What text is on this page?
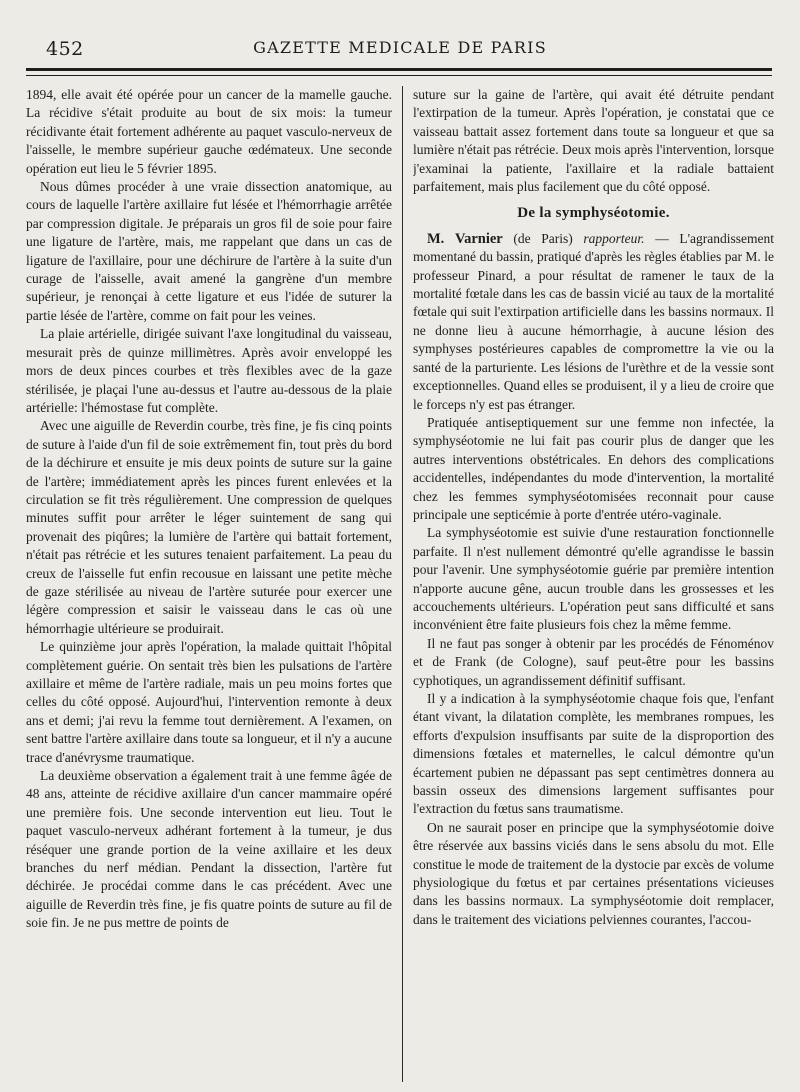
452	GAZETTE MEDICALE DE PARIS

1894, elle avait été opérée pour un cancer de la mamelle gauche. La récidive s'était produite au bout de six mois: la tumeur récidivante était fortement adhérente au paquet vasculo-nerveux de l'aisselle, le membre supérieur gauche œdémateux. Une seconde opération eut lieu le 5 février 1895.

Nous dûmes procéder à une vraie dissection anatomique, au cours de laquelle l'artère axillaire fut lésée et l'hémorrhagie arrêtée par compression digitale. Je préparais un gros fil de soie pour faire une ligature de l'artère, mais, me rappelant que dans un cas de ligature de l'axillaire, pour une déchirure de l'artère à la suite d'un curage de l'aisselle, avait amené la gangrène d'un membre supérieur, je renonçai à cette ligature et eus l'idée de suturer la partie lésée de l'artère, comme on fait pour les veines.

La plaie artérielle, dirigée suivant l'axe longitudinal du vaisseau, mesurait près de quinze millimètres. Après avoir enveloppé les mors de deux pinces courbes et très flexibles avec de la gaze stérilisée, je plaçai l'une au-dessus et l'autre au-dessous de la plaie artérielle: l'hémostase fut complète.

Avec une aiguille de Reverdin courbe, très fine, je fis cinq points de suture à l'aide d'un fil de soie extrêmement fin, tout près du bord de la déchirure et ensuite je mis deux points de suture sur la gaine de l'artère; immédiatement après les pinces furent enlevées et la circulation se fit très régulièrement. Une compression de quelques minutes suffit pour arrêter le léger suintement de sang qui provenait des piqûres; la lumière de l'artère qui battait fortement, n'était pas rétrécie et les sutures tenaient parfaitement. La peau du creux de l'aisselle fut enfin recousue en laissant une petite mèche de gaze stérilisée au niveau de l'artère suturée pour exercer une légère compression et saisir le vaisseau dans le cas où une hémorrhagie ultérieure se produirait.

Le quinzième jour après l'opération, la malade quittait l'hôpital complètement guérie. On sentait très bien les pulsations de l'artère axillaire et même de l'artère radiale, mais un peu moins fortes que celles du côté opposé. Aujourd'hui, l'intervention remonte à deux ans et demi; j'ai revu la femme tout dernièrement. A l'examen, on sent battre l'artère axillaire dans toute sa longueur, et il n'y a aucune trace d'anévrysme traumatique.

La deuxième observation a également trait à une femme âgée de 48 ans, atteinte de récidive axillaire d'un cancer mammaire opéré une première fois. Une seconde intervention eut lieu. Tout le paquet vasculo-nerveux adhérant fortement à la tumeur, je dus réséquer une grande portion de la veine axillaire et les deux branches du nerf médian. Pendant la dissection, l'artère fut déchirée. Je procédai comme dans le cas précédent. Avec une aiguille de Reverdin très fine, je fis quatre points de suture au fil de soie fin. Je ne pus mettre de points de

suture sur la gaine de l'artère, qui avait été détruite pendant l'extirpation de la tumeur. Après l'opération, je constatai que ce vaisseau battait assez fortement dans toute sa longueur et que sa lumière n'était pas rétrécie. Deux mois après l'intervention, lorsque j'examinai la patiente, l'axillaire et la radiale battaient parfaitement, mais plus facilement que du côté opposé.

De la symphyséotomie.

M. Varnier (de Paris) rapporteur. — L'agrandissement momentané du bassin, pratiqué d'après les règles établies par M. le professeur Pinard, a pour résultat de ramener le taux de la mortalité fœtale dans les cas de bassin vicié au taux de la mortalité fœtale qui suit l'extirpation artificielle dans les bassins normaux. Il ne donne lieu à aucune hémorrhagie, à aucune lésion des symphyses postérieures capables de compromettre la vie ou la santé de la parturiente. Les lésions de l'urèthre et de la vessie sont exceptionnelles. Quand elles se produisent, il y a lieu de croire que le forceps n'y est pas étranger.

Pratiquée antiseptiquement sur une femme non infectée, la symphyséotomie ne lui fait pas courir plus de danger que les autres interventions obstétricales. En dehors des complications accidentelles, indépendantes du mode d'intervention, la mortalité chez les femmes symphyséotomisées reconnait pour cause principale une septicémie à porte d'entrée utéro-vaginale.

La symphyséotomie est suivie d'une restauration fonctionnelle parfaite. Il n'est nullement démontré qu'elle agrandisse le bassin pour l'avenir. Une symphyséotomie guérie par première intention n'apporte aucune gêne, aucun trouble dans les grossesses et les accouchements ultérieurs. L'opération peut sans difficulté et sans inconvénient être faite plusieurs fois chez la même femme.

Il ne faut pas songer à obtenir par les procédés de Fénoménov et de Frank (de Cologne), sauf peut-être pour les bassins cyphotiques, un agrandissement définitif suffisant.

Il y a indication à la symphyséotomie chaque fois que, l'enfant étant vivant, la dilatation complète, les membranes rompues, les efforts d'expulsion insuffisants par suite de la disproportion des dimensions fœtales et maternelles, le calcul démontre qu'un écartement pubien ne dépassant pas sept centimètres donnera au bassin osseux des dimensions largement suffisantes pour l'extraction du fœtus sans traumatisme.

On ne saurait poser en principe que la symphyséotomie doive être réservée aux bassins viciés dans le sens absolu du mot. Elle constitue le mode de traitement de la dystocie par excès de volume physiologique du fœtus et par certaines présentations vicieuses dans les bassins normaux. La symphyséotomie doit remplacer, dans le traitement des viciations pelviennes courantes, l'accou-
